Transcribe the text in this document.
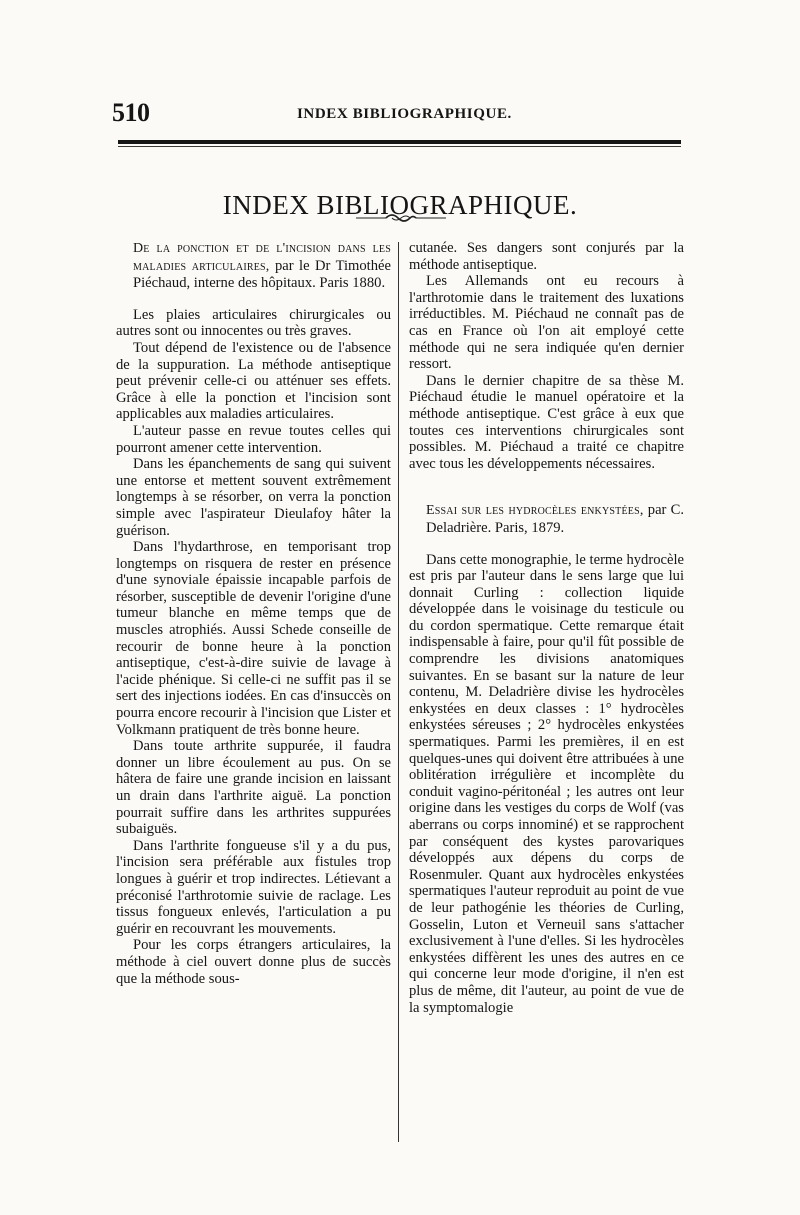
510	INDEX BIBLIOGRAPHIQUE.
INDEX BIBLIOGRAPHIQUE.
De la ponction et de l'incision dans les maladies articulaires, par le Dr Timothée Piéchaud, interne des hôpitaux. Paris 1880.

Les plaies articulaires chirurgicales ou autres sont ou innocentes ou très graves.

Tout dépend de l'existence ou de l'absence de la suppuration. La méthode antiseptique peut prévenir celle-ci ou atténuer ses effets. Grâce à elle la ponction et l'incision sont applicables aux maladies articulaires.

L'auteur passe en revue toutes celles qui pourront amener cette intervention.

Dans les épanchements de sang qui suivent une entorse et mettent souvent extrêmement longtemps à se résorber, on verra la ponction simple avec l'aspirateur Dieulafoy hâter la guérison.

Dans l'hydarthrose, en temporisant trop longtemps on risquera de rester en présence d'une synoviale épaissie incapable parfois de résorber, susceptible de devenir l'origine d'une tumeur blanche en même temps que de muscles atrophiés. Aussi Schede conseille de recourir de bonne heure à la ponction antiseptique, c'est-à-dire suivie de lavage à l'acide phénique. Si celle-ci ne suffit pas il se sert des injections iodées. En cas d'insuccès on pourra encore recourir à l'incision que Lister et Volkmann pratiquent de très bonne heure.

Dans toute arthrite suppurée, il faudra donner un libre écoulement au pus. On se hâtera de faire une grande incision en laissant un drain dans l'arthrite aiguë. La ponction pourrait suffire dans les arthrites suppurées subaiguës.

Dans l'arthrite fongueuse s'il y a du pus, l'incision sera préférable aux fistules trop longues à guérir et trop indirectes. Létievant a préconisé l'arthrotomie suivie de raclage. Les tissus fongueux enlevés, l'articulation a pu guérir en recouvrant les mouvements.

Pour les corps étrangers articulaires, la méthode à ciel ouvert donne plus de succès que la méthode sous-

cutanée. Ses dangers sont conjurés par la méthode antiseptique.

Les Allemands ont eu recours à l'arthrotomie dans le traitement des luxations irréductibles. M. Piéchaud ne connaît pas de cas en France où l'on ait employé cette méthode qui ne sera indiquée qu'en dernier ressort.

Dans le dernier chapitre de sa thèse M. Piéchaud étudie le manuel opératoire et la méthode antiseptique. C'est grâce à eux que toutes ces interventions chirurgicales sont possibles. M. Piéchaud a traité ce chapitre avec tous les développements nécessaires.

Essai sur les hydrocèles enkystées, par C. Deladrière. Paris, 1879.

Dans cette monographie, le terme hydrocèle est pris par l'auteur dans le sens large que lui donnait Curling : collection liquide développée dans le voisinage du testicule ou du cordon spermatique. Cette remarque était indispensable à faire, pour qu'il fût possible de comprendre les divisions anatomiques suivantes. En se basant sur la nature de leur contenu, M. Deladrière divise les hydrocèles enkystées en deux classes : 1° hydrocèles enkystées séreuses ; 2° hydrocèles enkystées spermatiques. Parmi les premières, il en est quelques-unes qui doivent être attribuées à une oblitération irrégulière et incomplète du conduit vagino-péritonéal ; les autres ont leur origine dans les vestiges du corps de Wolf (vas aberrans ou corps innominé) et se rapprochent par conséquent des kystes parovariques développés aux dépens du corps de Rosenmuler. Quant aux hydrocèles enkystées spermatiques l'auteur reproduit au point de vue de leur pathogénie les théories de Curling, Gosselin, Luton et Verneuil sans s'attacher exclusivement à l'une d'elles. Si les hydrocèles enkystées diffèrent les unes des autres en ce qui concerne leur mode d'origine, il n'en est plus de même, dit l'auteur, au point de vue de la symptomalogie
